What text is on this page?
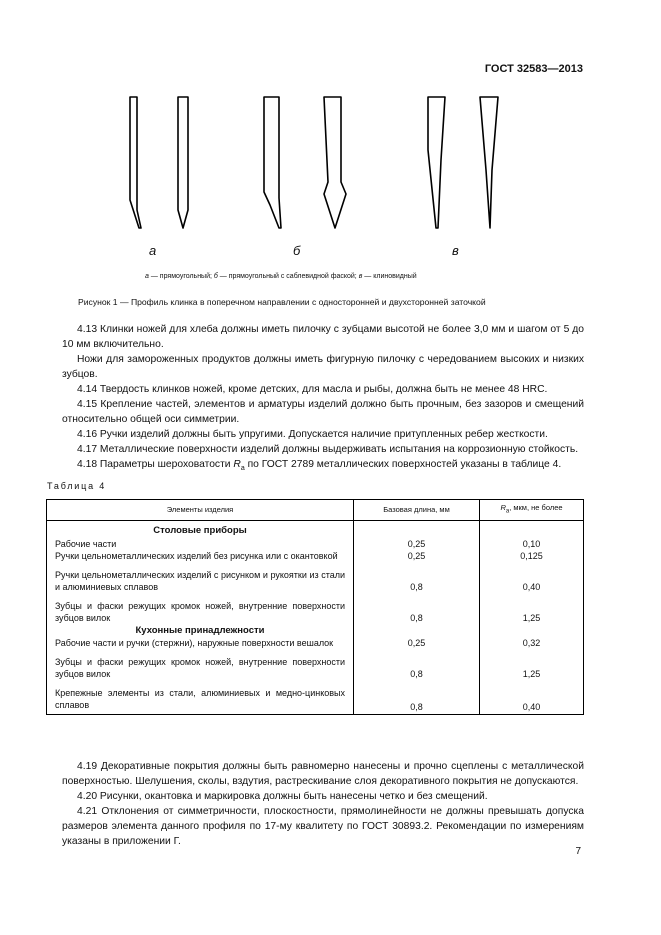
ГОСТ 32583—2013
а	б	в
а — прямоугольный; б — прямоугольный с саблевидной фаской; в — клиновидный
Рисунок 1 — Профиль клинка в поперечном направлении с односторонней и двухсторонней заточкой

4.13 Клинки ножей для хлеба должны иметь пилочку с зубцами высотой не более 3,0 мм и шагом от 5 до 10 мм включительно.

Ножи для замороженных продуктов должны иметь фигурную пилочку с чередованием высоких и низких зубцов.

4.14 Твердость клинков ножей, кроме детских, для масла и рыбы, должна быть не менее 48 HRC.

4.15 Крепление частей, элементов и арматуры изделий должно быть прочным, без зазоров и смещений относительно общей оси симметрии.

4.16 Ручки изделий должны быть упругими. Допускается наличие притупленных ребер жесткости.

4.17 Металлические поверхности изделий должны выдерживать испытания на коррозионную стойкость.

4.18 Параметры шероховатости $R_a$ по ГОСТ 2789 металлических поверхностей указаны в таблице 4.

Таблица 4
Элементы изделия	Базовая длина, мм	$R_a$, мкм, не более
Столовые приборы		
Рабочие части	0,25	0,10
Ручки цельнометаллических изделий без рисунка или с окантовкой	0,25	0,125

Ручки цельнометаллических изделий с рисунком и рукоятки из стали и алюминиевых сплавов	0,8	0,40

Зубцы и фаски режущих кромок ножей, внутренние поверхности зубцов вилок	0,8	1,25
Кухонные принадлежности		
Рабочие части и ручки (стержни), наружные поверхности вешалок	0,25	0,32

Зубцы и фаски режущих кромок ножей, внутренние поверхности зубцов вилок	0,8	1,25

Крепежные элементы из стали, алюминиевых и медно-цинковых сплавов	0,8	0,40

4.19 Декоративные покрытия должны быть равномерно нанесены и прочно сцеплены с металлической поверхностью. Шелушения, сколы, вздутия, растрескивание слоя декоративного покрытия не допускаются.

4.20 Рисунки, окантовка и маркировка должны быть нанесены четко и без смещений.

4.21 Отклонения от симметричности, плоскостности, прямолинейности не должны превышать допуска размеров элемента данного профиля по 17-му квалитету по ГОСТ 30893.2. Рекомендации по измерениям указаны в приложении Г.

7
